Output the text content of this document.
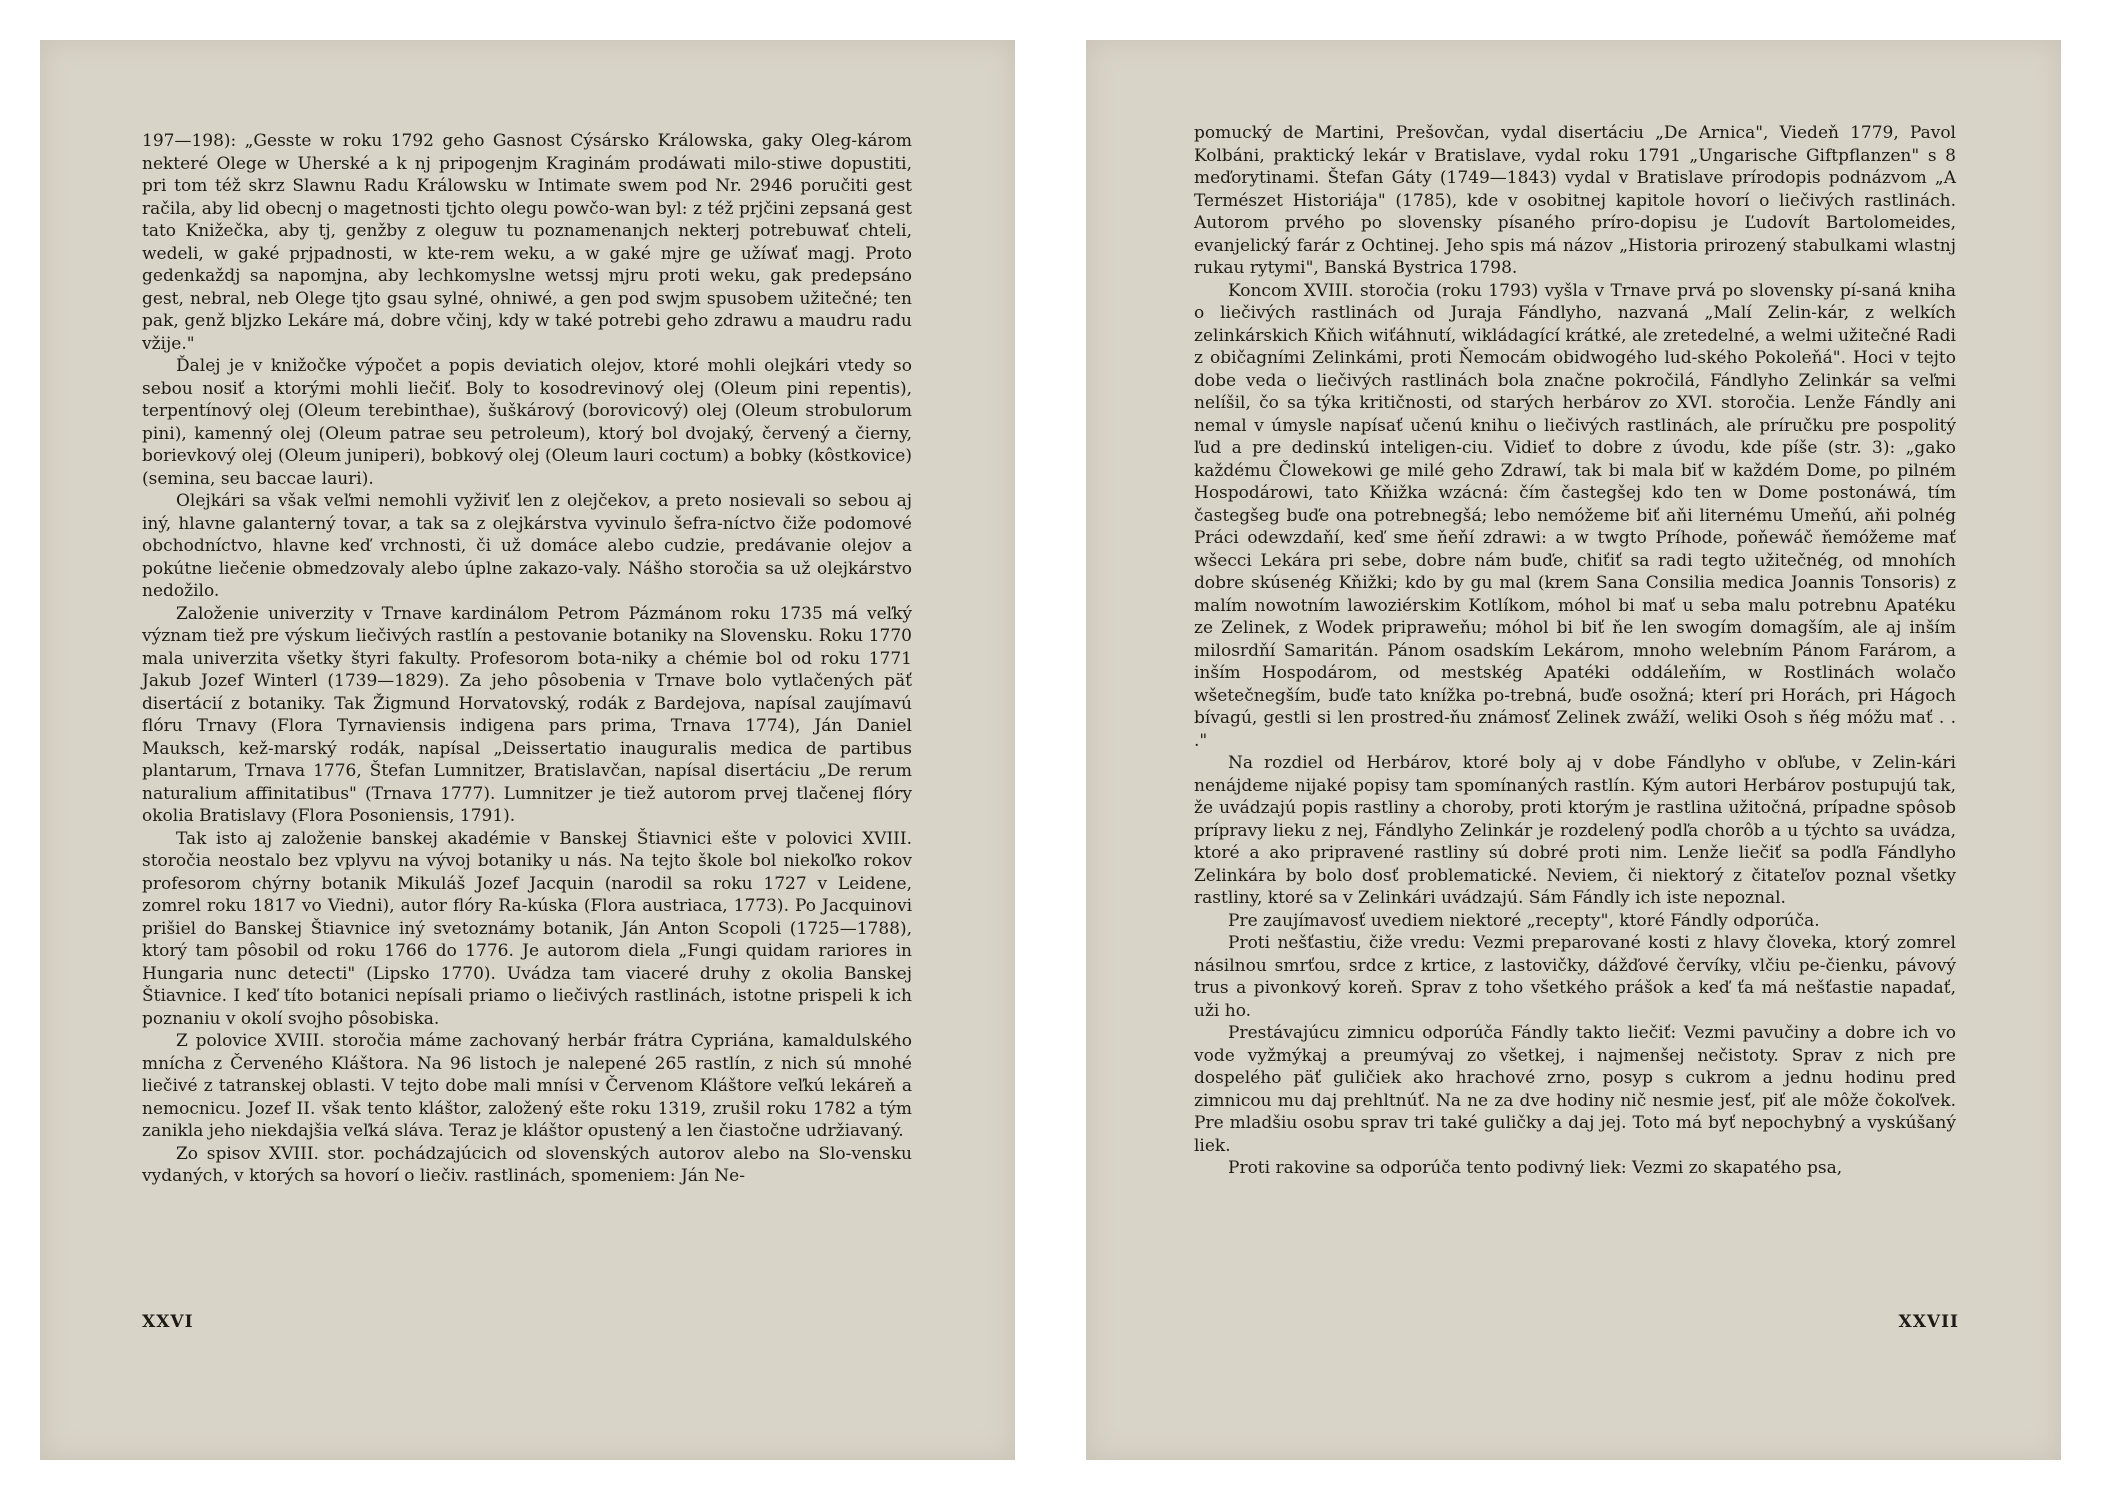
197—198): „Gesste w roku 1792 geho Gasnost Cýsársko Králowska, gaky Oleg-károm nekteré Olege w Uherské a k nj pripogenjm Kraginám prodáwati milo-stiwe dopustiti, pri tom též skrz Slawnu Radu Králowsku w Intimate swem pod Nr. 2946 poručiti gest račila, aby lid obecnj o magetnosti tjchto olegu powčo-wan byl: z též prjčini zepsaná gest tato Knižečka, aby tj, genžby z oleguw tu poznamenanjch nekterj potrebuwať chteli, wedeli, w gaké prjpadnosti, w kte-rem weku, a w gaké mjre ge užíwať magj. Proto gedenkaždj sa napomjna, aby lechkomyslne wetssj mjru proti weku, gak predepsáno gest, nebral, neb Olege tjto gsau sylné, ohniwé, a gen pod swjm spusobem užitečné; ten pak, genž bljzko Lekáre má, dobre včinj, kdy w také potrebi geho zdrawu a maudru radu vžije."

Ďalej je v knižočke výpočet a popis deviatich olejov, ktoré mohli olejkári vtedy so sebou nosiť a ktorými mohli liečiť. Boly to kosodrevinový olej (Oleum pini repentis), terpentínový olej (Oleum terebinthae), šuškárový (borovicový) olej (Oleum strobulorum pini), kamenný olej (Oleum patrae seu petroleum), ktorý bol dvojaký, červený a čierny, borievkový olej (Oleum juniperi), bobkový olej (Oleum lauri coctum) a bobky (kôstkovice) (semina, seu baccae lauri).

Olejkári sa však veľmi nemohli vyživiť len z olejčekov, a preto nosievali so sebou aj iný, hlavne galanterný tovar, a tak sa z olejkárstva vyvinulo šefra-níctvo čiže podomové obchodníctvo, hlavne keď vrchnosti, či už domáce alebo cudzie, predávanie olejov a pokútne liečenie obmedzovaly alebo úplne zakazo-valy. Nášho storočia sa už olejkárstvo nedožilo.

Založenie univerzity v Trnave kardinálom Petrom Pázmánom roku 1735 má veľký význam tiež pre výskum liečivých rastlín a pestovanie botaniky na Slovensku. Roku 1770 mala univerzita všetky štyri fakulty. Profesorom bota-niky a chémie bol od roku 1771 Jakub Jozef Winterl (1739—1829). Za jeho pôsobenia v Trnave bolo vytlačených päť disertácií z botaniky. Tak Žigmund Horvatovský, rodák z Bardejova, napísal zaujímavú flóru Trnavy (Flora Tyrnaviensis indigena pars prima, Trnava 1774), Ján Daniel Mauksch, kež-marský rodák, napísal „Deissertatio inauguralis medica de partibus plantarum, Trnava 1776, Štefan Lumnitzer, Bratislavčan, napísal disertáciu „De rerum naturalium affinitatibus" (Trnava 1777). Lumnitzer je tiež autorom prvej tlačenej flóry okolia Bratislavy (Flora Posoniensis, 1791).

Tak isto aj založenie banskej akadémie v Banskej Štiavnici ešte v polovici XVIII. storočia neostalo bez vplyvu na vývoj botaniky u nás. Na tejto škole bol niekoľko rokov profesorom chýrny botanik Mikuláš Jozef Jacquin (narodil sa roku 1727 v Leidene, zomrel roku 1817 vo Viedni), autor flóry Ra-kúska (Flora austriaca, 1773). Po Jacquinovi prišiel do Banskej Štiavnice iný svetoznámy botanik, Ján Anton Scopoli (1725—1788), ktorý tam pôsobil od roku 1766 do 1776. Je autorom diela „Fungi quidam rariores in Hungaria nunc detecti" (Lipsko 1770). Uvádza tam viaceré druhy z okolia Banskej Štiavnice. I keď títo botanici nepísali priamo o liečivých rastlinách, istotne prispeli k ich poznaniu v okolí svojho pôsobiska.

Z polovice XVIII. storočia máme zachovaný herbár frátra Cypriána, kamaldulského mnícha z Červeného Kláštora. Na 96 listoch je nalepené 265 rastlín, z nich sú mnohé liečivé z tatranskej oblasti. V tejto dobe mali mnísi v Červenom Kláštore veľkú lekáreň a nemocnicu. Jozef II. však tento kláštor, založený ešte roku 1319, zrušil roku 1782 a tým zanikla jeho niekdajšia veľká sláva. Teraz je kláštor opustený a len čiastočne udržiavaný.

Zo spisov XVIII. stor. pochádzajúcich od slovenských autorov alebo na Slo-vensku vydaných, v ktorých sa hovorí o liečiv. rastlinách, spomeniem: Ján Ne-

XXVI

pomucký de Martini, Prešovčan, vydal disertáciu „De Arnica", Viedeň 1779, Pavol Kolbáni, praktický lekár v Bratislave, vydal roku 1791 „Ungarische Giftpflanzen" s 8 meďorytinami. Štefan Gáty (1749—1843) vydal v Bratislave prírodopis podnázvom „A Természet Historiája" (1785), kde v osobitnej kapitole hovorí o liečivých rastlinách. Autorom prvého po slovensky písaného príro-dopisu je Ľudovít Bartolomeides, evanjelický farár z Ochtinej. Jeho spis má názov „Historia prirozený stabulkami wlastnj rukau rytymi", Banská Bystrica 1798.

Koncom XVIII. storočia (roku 1793) vyšla v Trnave prvá po slovensky pí-saná kniha o liečivých rastlinách od Juraja Fándlyho, nazvaná „Malí Zelin-kár, z welkích zelinkárskich Kňich wiťáhnutí, wikládagící krátké, ale zretedelné, a welmi užitečné Radi z običagními Zelinkámi, proti Ňemocám obidwogého lud-ského Pokoleňá". Hoci v tejto dobe veda o liečivých rastlinách bola značne pokročilá, Fándlyho Zelinkár sa veľmi nelíšil, čo sa týka kritičnosti, od starých herbárov zo XVI. storočia. Lenže Fándly ani nemal v úmysle napísať učenú knihu o liečivých rastlinách, ale príručku pre pospolitý ľud a pre dedinskú inteligen-ciu. Vidieť to dobre z úvodu, kde píše (str. 3): „gako každému Člowekowi ge milé geho Zdrawí, tak bi mala biť w každém Dome, po pilném Hospodárowi, tato Kňižka wzácná: čím častegšej kdo ten w Dome postonáwá, tím častegšeg buďe ona potrebnegšá; lebo nemóžeme biť aňi liternému Umeňú, aňi polnég Práci odewzdaňí, keď sme ňeňí zdrawi: a w twgto Príhode, poňewáč ňemóžeme mať wšecci Lekára pri sebe, dobre nám buďe, chiťiť sa radi tegto užitečnég, od mnohích dobre skúsenég Kňižki; kdo by gu mal (krem Sana Consilia medica Joannis Tonsoris) z malím nowotním lawoziérskim Kotlíkom, móhol bi mať u seba malu potrebnu Apatéku ze Zelinek, z Wodek pripraweňu; móhol bi biť ňe len swogím domagším, ale aj inším milosrdňí Samaritán. Pánom osadskím Lekárom, mnoho welebním Pánom Farárom, a inším Hospodárom, od mestskég Apatéki oddáleňím, w Rostlinách wolačo wšetečnegším, buďe tato knížka po-trebná, buďe osožná; kterí pri Horách, pri Hágoch bívagú, gestli si len prostred-ňu známosť Zelinek zwáží, weliki Osoh s ňég móžu mať . . ."

Na rozdiel od Herbárov, ktoré boly aj v dobe Fándlyho v obľube, v Zelin-kári nenájdeme nijaké popisy tam spomínaných rastlín. Kým autori Herbárov postupujú tak, že uvádzajú popis rastliny a choroby, proti ktorým je rastlina užitočná, prípadne spôsob prípravy lieku z nej, Fándlyho Zelinkár je rozdelený podľa chorôb a u týchto sa uvádza, ktoré a ako pripravené rastliny sú dobré proti nim. Lenže liečiť sa podľa Fándlyho Zelinkára by bolo dosť problematické. Neviem, či niektorý z čitateľov poznal všetky rastliny, ktoré sa v Zelinkári uvádzajú. Sám Fándly ich iste nepoznal.

Pre zaujímavosť uvediem niektoré „recepty", ktoré Fándly odporúča.

Proti nešťastiu, čiže vredu: Vezmi preparované kosti z hlavy človeka, ktorý zomrel násilnou smrťou, srdce z krtice, z lastovičky, dážďové červíky, vlčiu pe-čienku, pávový trus a pivonkový koreň. Sprav z toho všetkého prášok a keď ťa má nešťastie napadať, uži ho.

Prestávajúcu zimnicu odporúča Fándly takto liečiť: Vezmi pavučiny a dobre ich vo vode vyžmýkaj a preumývaj zo všetkej, i najmenšej nečistoty. Sprav z nich pre dospelého päť guličiek ako hrachové zrno, posyp s cukrom a jednu hodinu pred zimnicou mu daj prehltnúť. Na ne za dve hodiny nič nesmie jesť, piť ale môže čokoľvek. Pre mladšiu osobu sprav tri také guličky a daj jej. Toto má byť nepochybný a vyskúšaný liek.

Proti rakovine sa odporúča tento podivný liek: Vezmi zo skapatého psa,

XXVII
